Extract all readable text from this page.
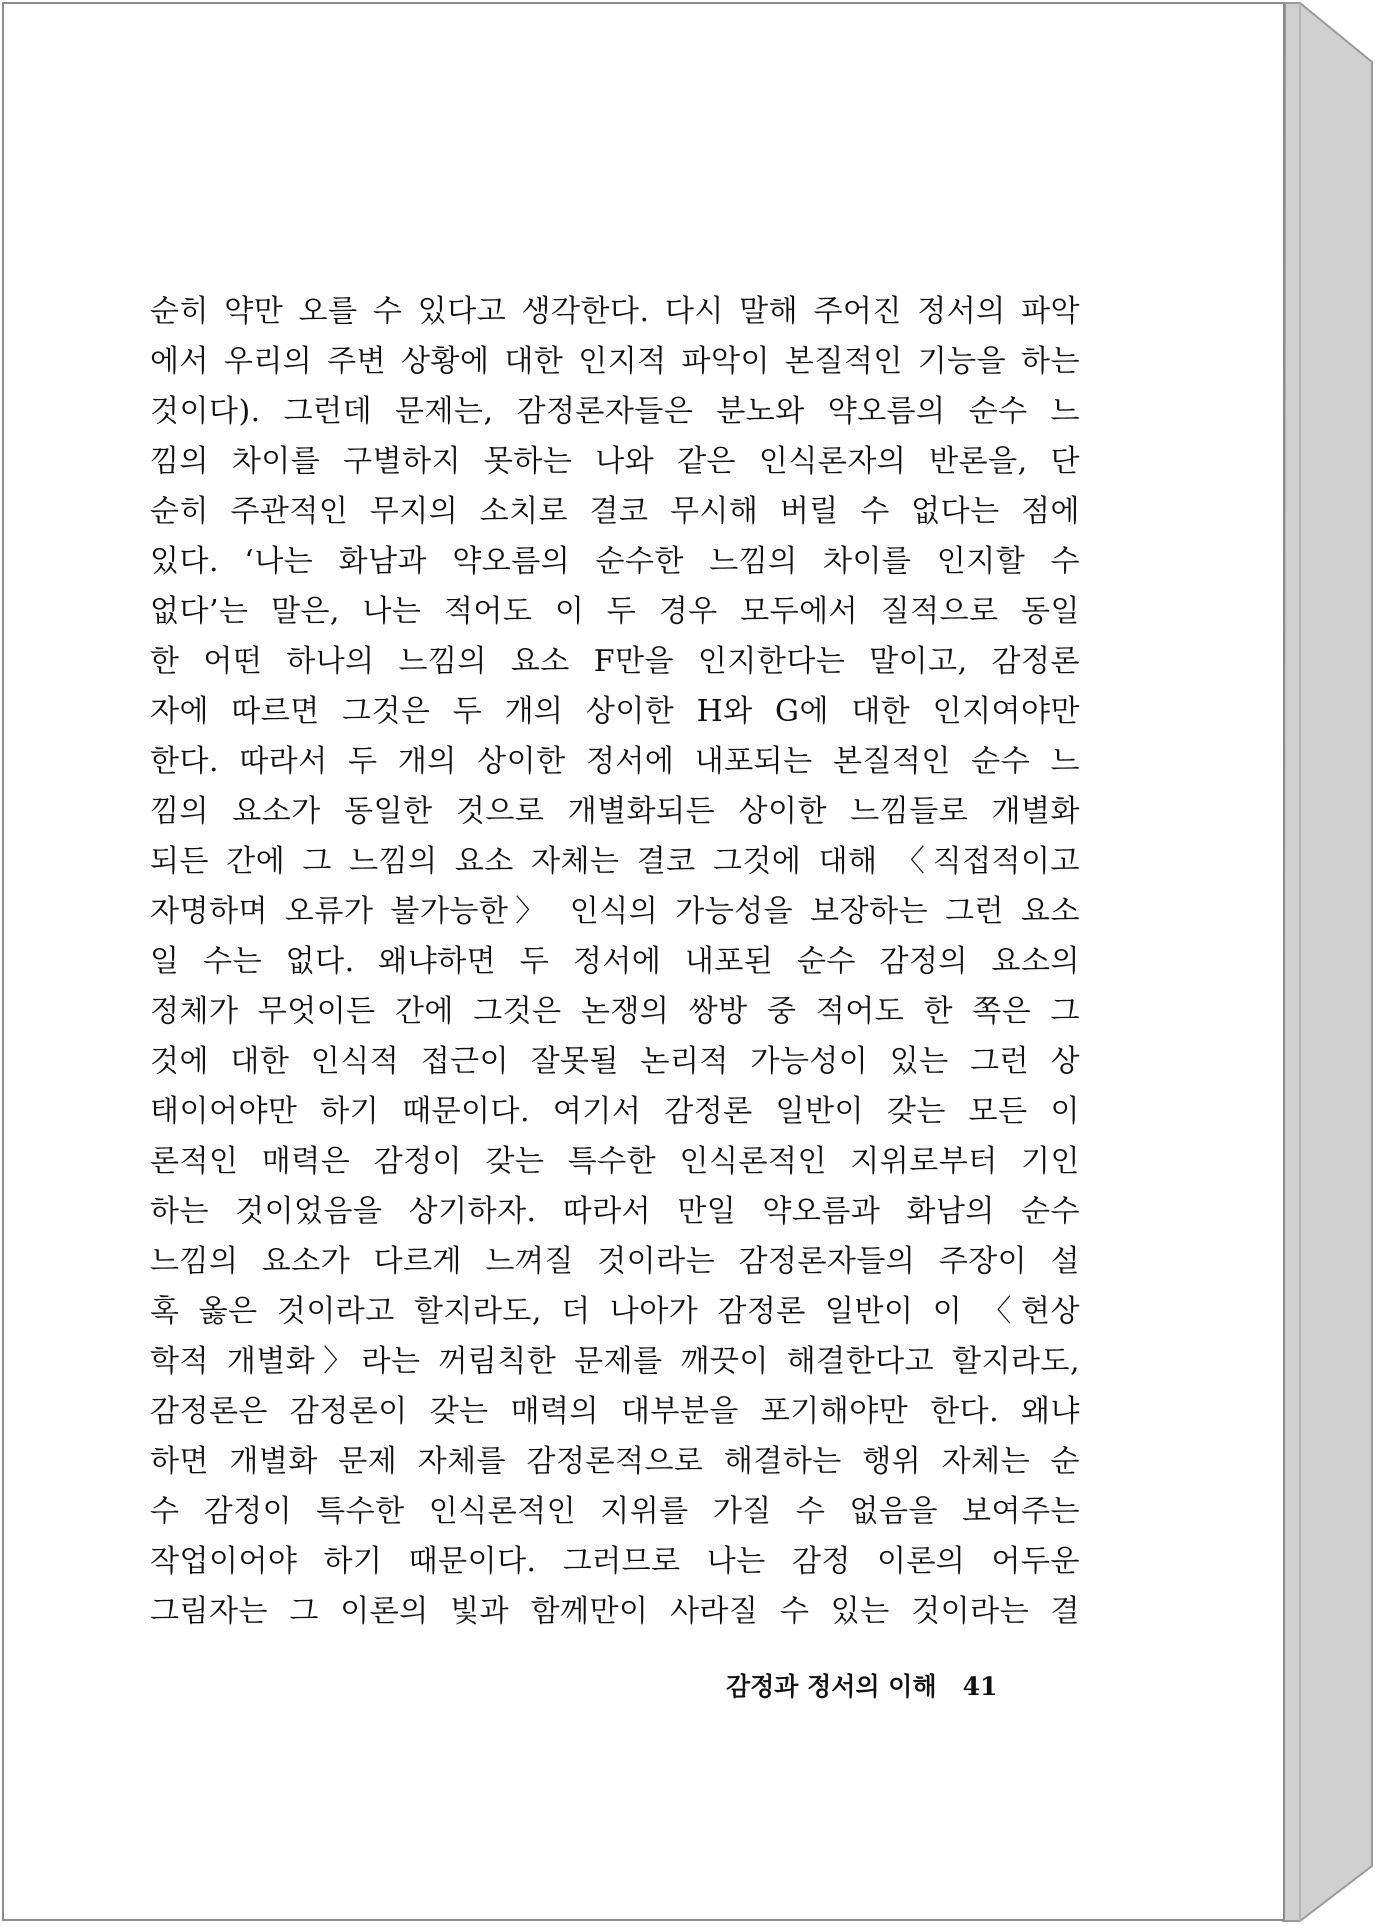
순히 약만 오를 수 있다고 생각한다. 다시 말해 주어진 정서의 파악
에서 우리의 주변 상황에 대한 인지적 파악이 본질적인 기능을 하는
것이다). 그런데 문제는, 감정론자들은 분노와 약오름의 순수 느
낌의 차이를 구별하지 못하는 나와 같은 인식론자의 반론을, 단
순히 주관적인 무지의 소치로 결코 무시해 버릴 수 없다는 점에
있다. ‘나는 화남과 약오름의 순수한 느낌의 차이를 인지할 수
없다’는 말은, 나는 적어도 이 두 경우 모두에서 질적으로 동일
한 어떤 하나의 느낌의 요소 F만을 인지한다는 말이고, 감정론
자에 따르면 그것은 두 개의 상이한 H와 G에 대한 인지여야만
한다. 따라서 두 개의 상이한 정서에 내포되는 본질적인 순수 느
낌의 요소가 동일한 것으로 개별화되든 상이한 느낌들로 개별화
되든 간에 그 느낌의 요소 자체는 결코 그것에 대해 〈직접적이고
자명하며 오류가 불가능한〉 인식의 가능성을 보장하는 그런 요소
일 수는 없다. 왜냐하면 두 정서에 내포된 순수 감정의 요소의
정체가 무엇이든 간에 그것은 논쟁의 쌍방 중 적어도 한 쪽은 그
것에 대한 인식적 접근이 잘못될 논리적 가능성이 있는 그런 상
태이어야만 하기 때문이다. 여기서 감정론 일반이 갖는 모든 이
론적인 매력은 감정이 갖는 특수한 인식론적인 지위로부터 기인
하는 것이었음을 상기하자. 따라서 만일 약오름과 화남의 순수
느낌의 요소가 다르게 느껴질 것이라는 감정론자들의 주장이 설
혹 옳은 것이라고 할지라도, 더 나아가 감정론 일반이 이 〈현상
학적 개별화〉라는 꺼림칙한 문제를 깨끗이 해결한다고 할지라도,
감정론은 감정론이 갖는 매력의 대부분을 포기해야만 한다. 왜냐
하면 개별화 문제 자체를 감정론적으로 해결하는 행위 자체는 순
수 감정이 특수한 인식론적인 지위를 가질 수 없음을 보여주는
작업이어야 하기 때문이다. 그러므로 나는 감정 이론의 어두운
그림자는 그 이론의 빛과 함께만이 사라질 수 있는 것이라는 결
감정과 정서의 이해 41
